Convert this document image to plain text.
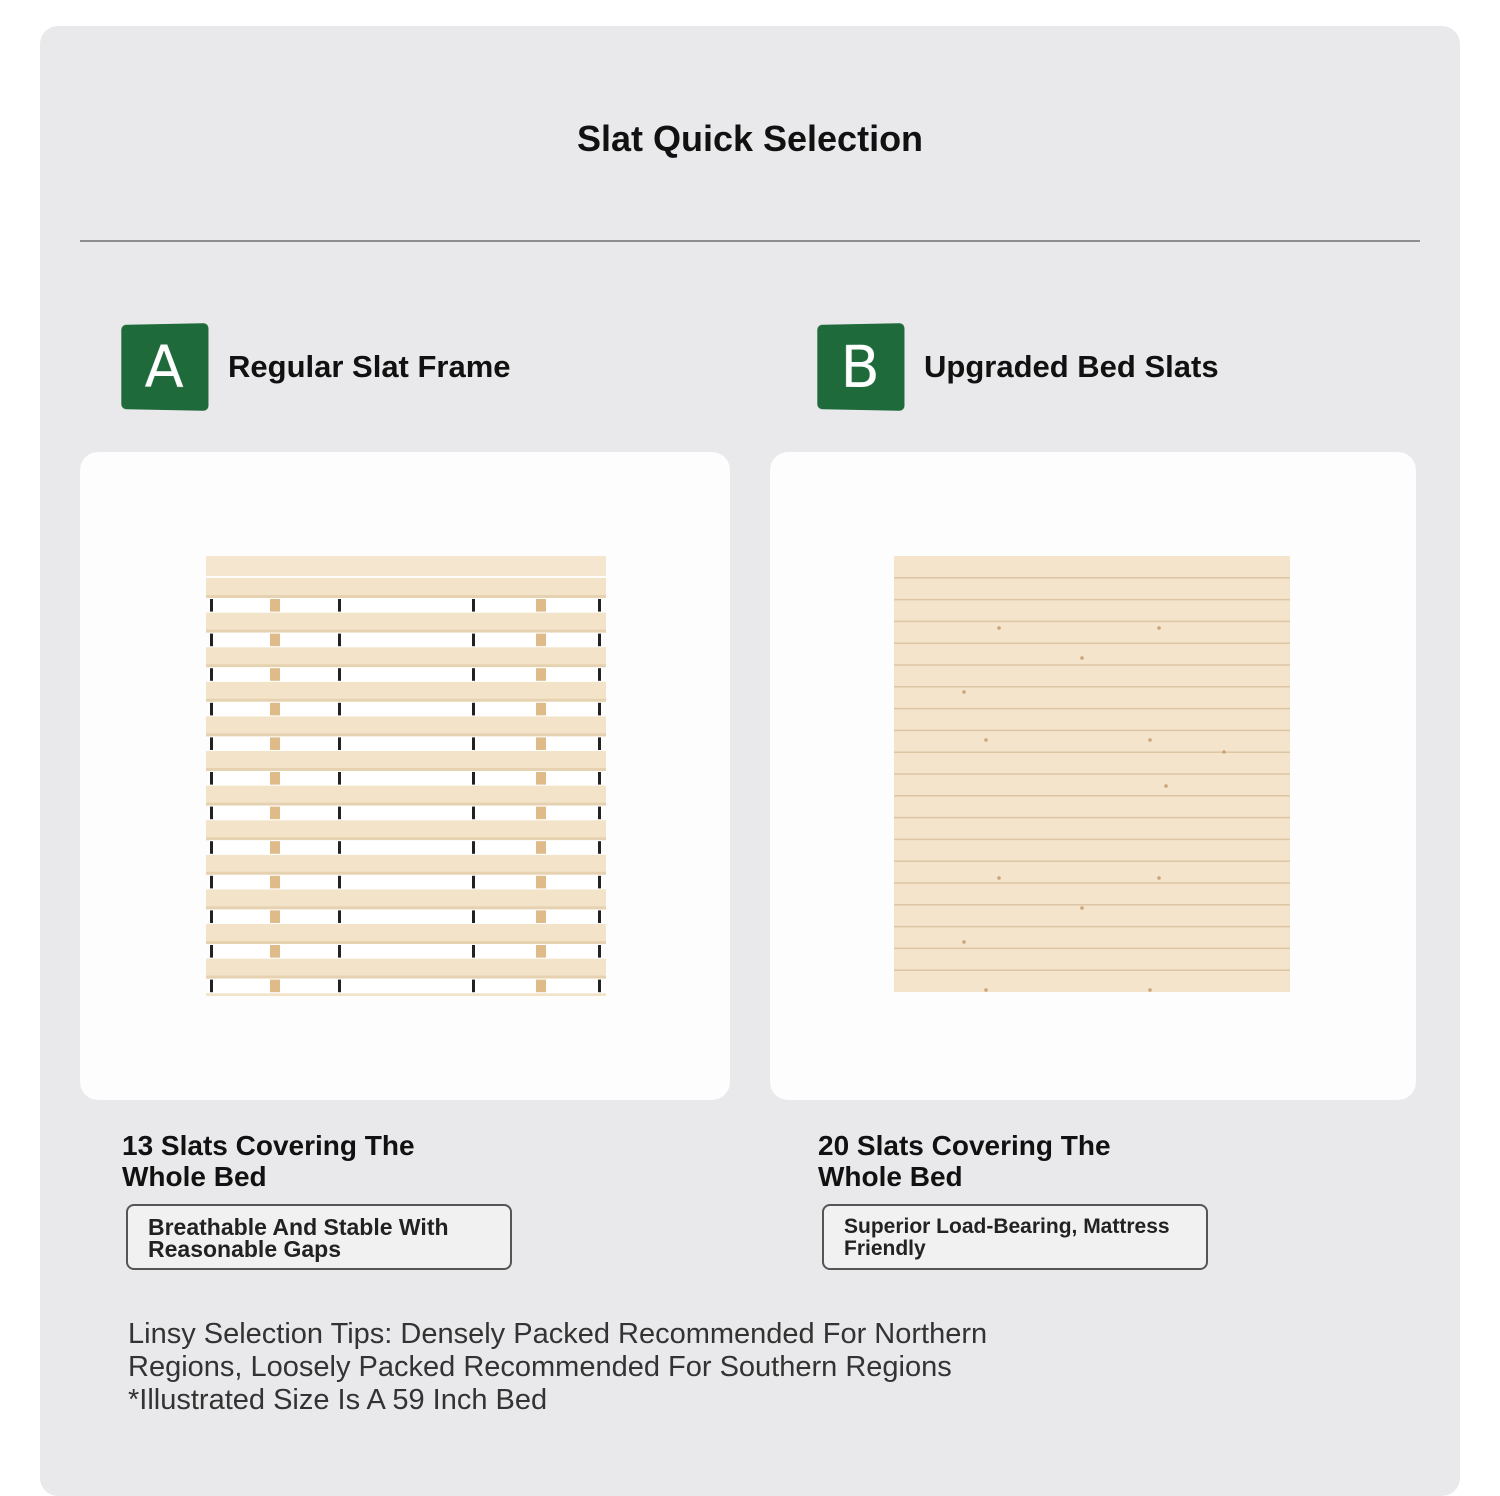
Slat Quick Selection
A	Regular Slat Frame	B	Upgraded Bed Slats
13 Slats Covering The Whole Bed
20 Slats Covering The Whole Bed
Breathable And Stable With Reasonable Gaps
Superior Load-Bearing, Mattress Friendly
Linsy Selection Tips: Densely Packed Recommended For Northern Regions, Loosely Packed Recommended For Southern Regions *Illustrated Size Is A 59 Inch Bed
